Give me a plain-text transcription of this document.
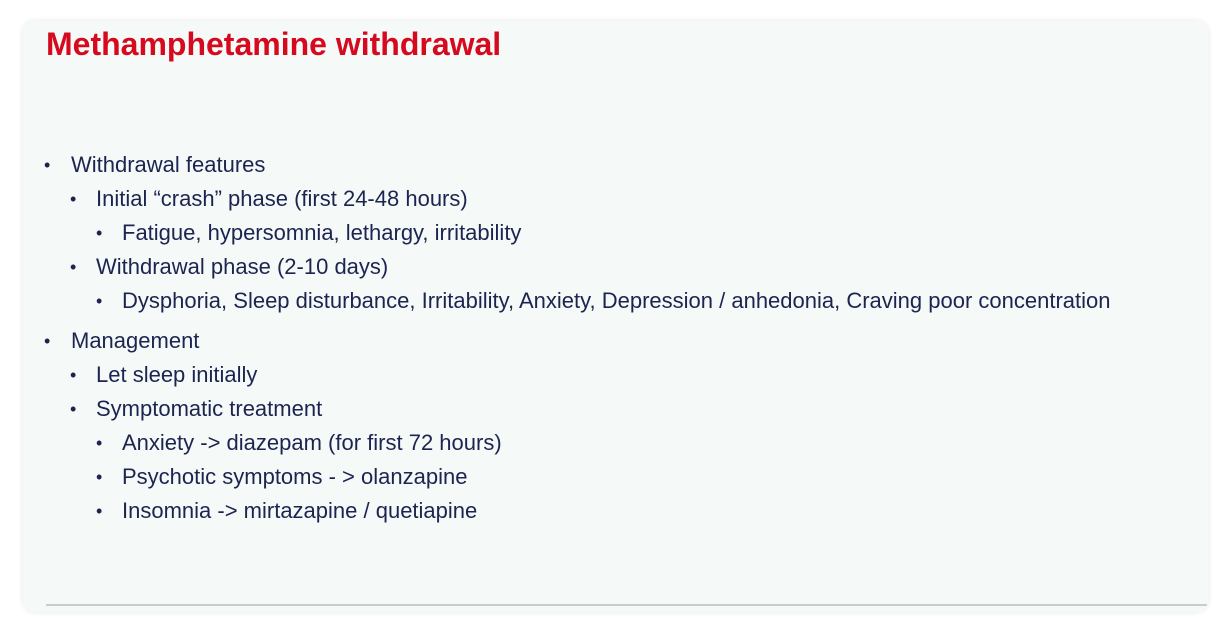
Methamphetamine withdrawal
• Withdrawal features
• Initial “crash” phase (first 24-48 hours)
• Fatigue, hypersomnia, lethargy, irritability
• Withdrawal phase (2-10 days)
• Dysphoria, Sleep disturbance, Irritability, Anxiety, Depression / anhedonia, Craving poor concentration
• Management
• Let sleep initially
• Symptomatic treatment
• Anxiety -> diazepam (for first 72 hours)
• Psychotic symptoms - > olanzapine
• Insomnia -> mirtazapine / quetiapine
